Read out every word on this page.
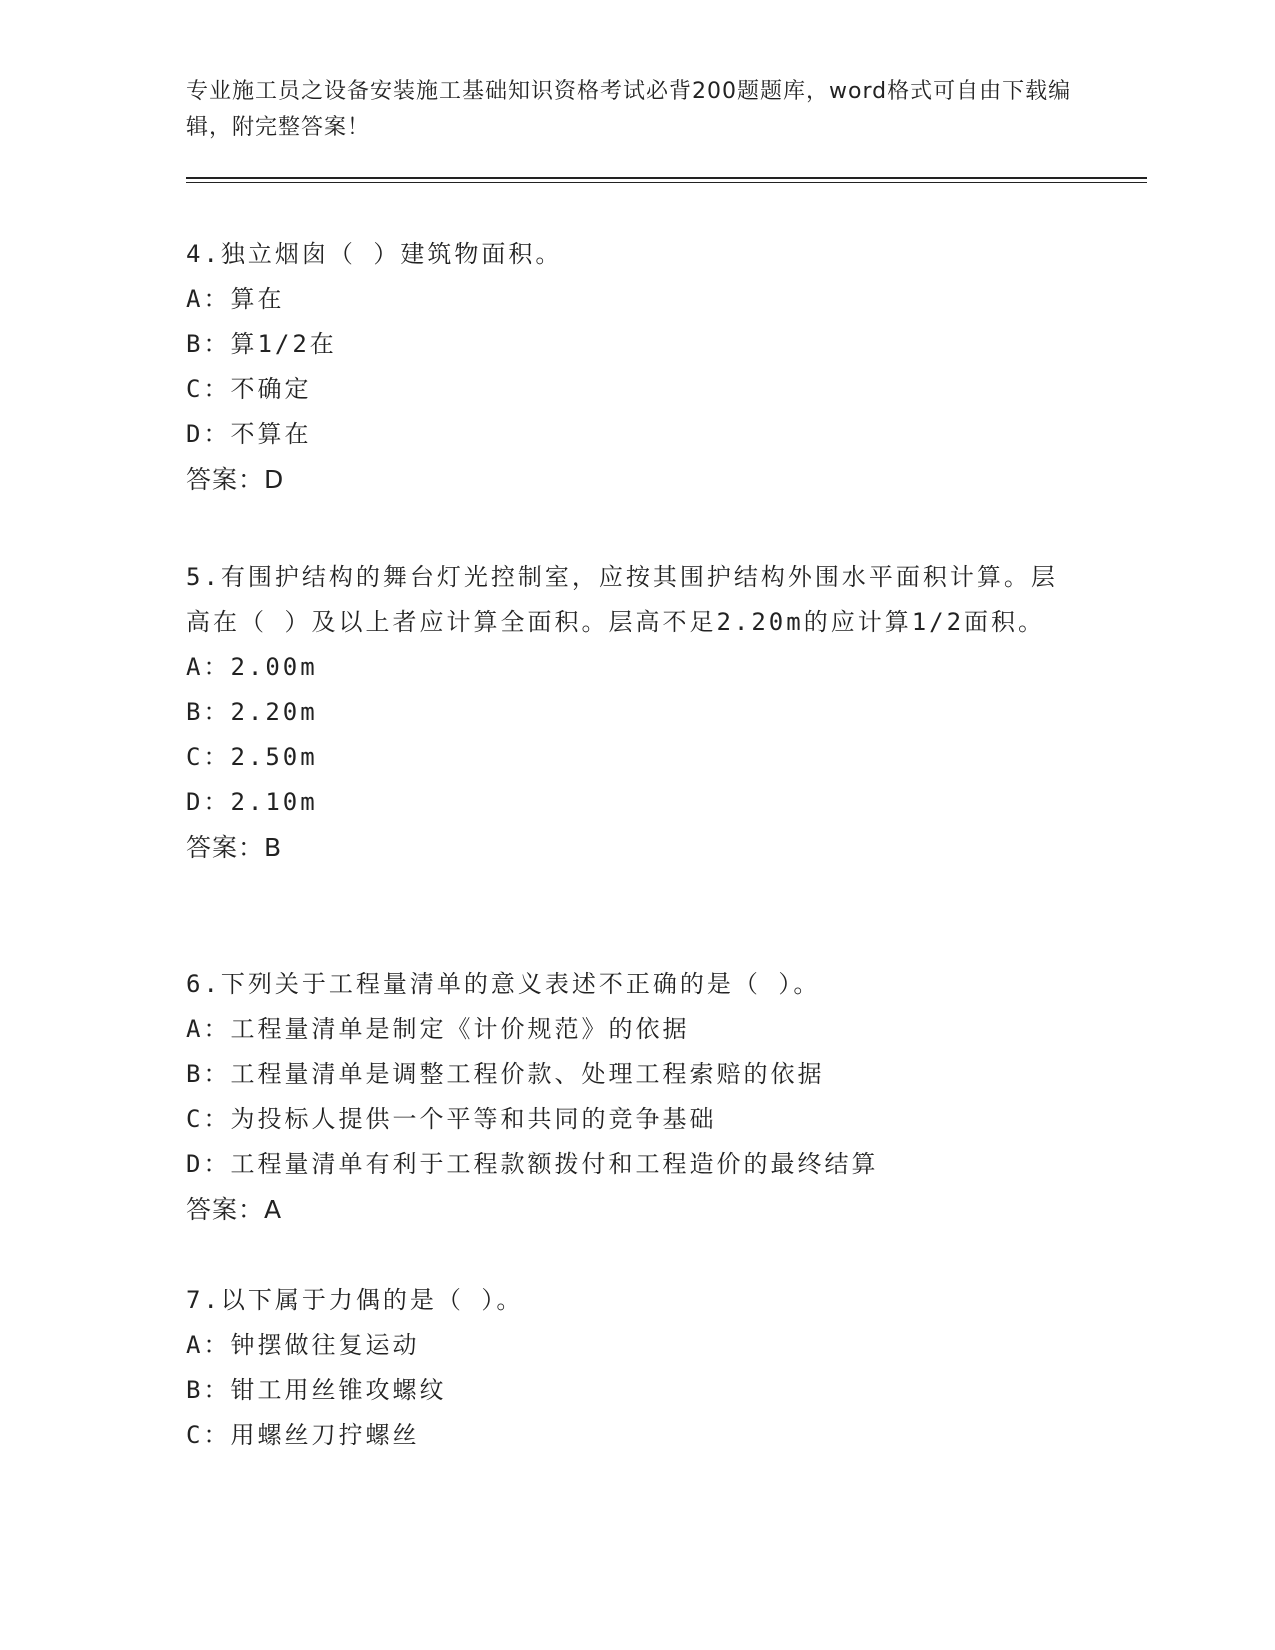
专业施工员之设备安装施工基础知识资格考试必背200题题库，word格式可自由下载编辑，附完整答案！
4.独立烟囱（ ）建筑物面积。
A：算在
B：算1/2在
C：不确定
D：不算在
答案：D
5.有围护结构的舞台灯光控制室，应按其围护结构外围水平面积计算。层高在（ ）及以上者应计算全面积。层高不足2.20m的应计算1/2面积。
A：2.00m
B：2.20m
C：2.50m
D：2.10m
答案：B
6.下列关于工程量清单的意义表述不正确的是（ ）。
A：工程量清单是制定《计价规范》的依据
B：工程量清单是调整工程价款、处理工程索赔的依据
C：为投标人提供一个平等和共同的竞争基础
D：工程量清单有利于工程款额拨付和工程造价的最终结算
答案：A
7.以下属于力偶的是（ ）。
A：钟摆做往复运动
B：钳工用丝锥攻螺纹
C：用螺丝刀拧螺丝
